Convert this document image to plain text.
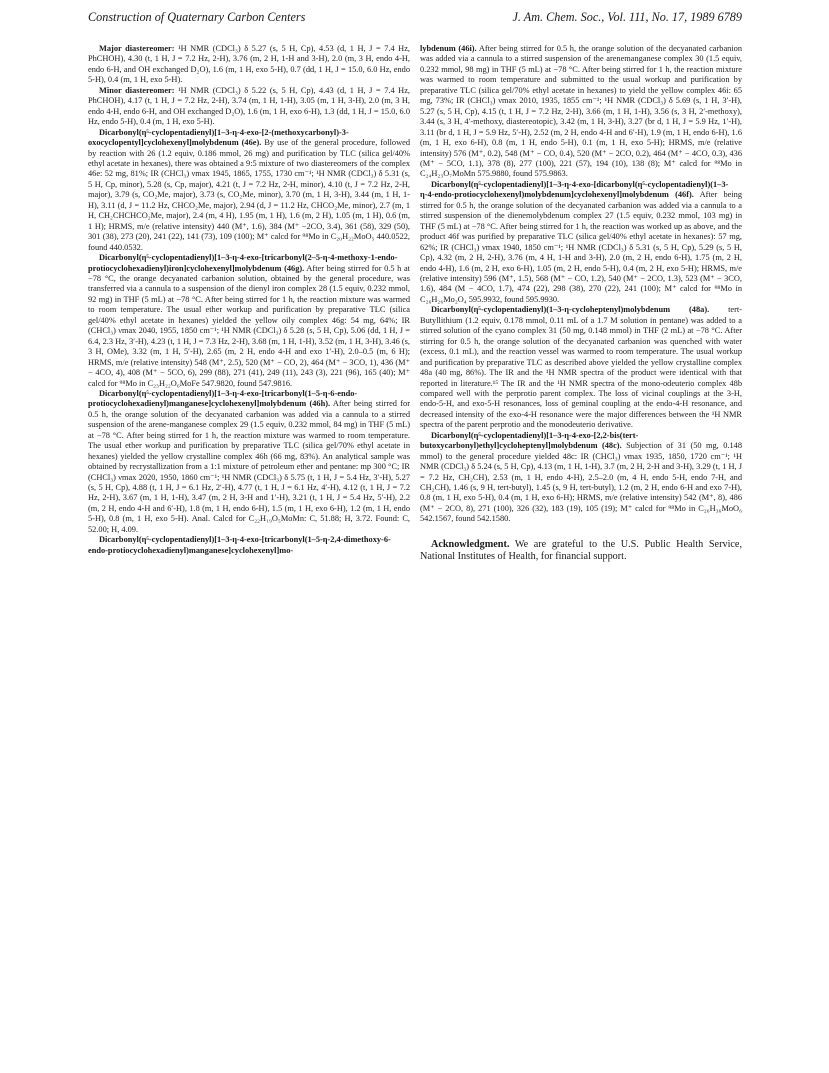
Construction of Quaternary Carbon Centers	J. Am. Chem. Soc., Vol. 111, No. 17, 1989 6789

Major diastereomer: ¹H NMR (CDCl₃) δ 5.27 (s, 5 H, Cp), 4.53 (d, 1 H, J = 7.4 Hz, PhCHOH), 4.30 (t, 1 H, J = 7.2 Hz, 2-H), 3.76 (m, 2 H, 1-H and 3-H), 2.0 (m, 3 H, endo 4-H, endo 6-H, and OH exchanged D₂O), 1.6 (m, 1 H, exo 5-H), 0.7 (dd, 1 H, J = 15.0, 6.0 Hz, endo 5-H), 0.4 (m, 1 H, exo 5-H).

Minor diastereomer: ¹H NMR (CDCl₃) δ 5.22 (s, 5 H, Cp), 4.43 (d, 1 H, J = 7.4 Hz, PhCHOH), 4.17 (t, 1 H, J = 7.2 Hz, 2-H), 3.74 (m, 1 H, 1-H), 3.05 (m, 1 H, 3-H), 2.0 (m, 3 H, endo 4-H, endo 6-H, and OH exchanged D₂O), 1.6 (m, 1 H, exo 6-H), 1.3 (dd, 1 H, J = 15.0, 6.0 Hz, endo 5-H), 0.4 (m, 1 H, exo 5-H).

Dicarbonyl(η⁵-cyclopentadienyl)[1–3-η-4-exo-[2-(methoxycarbonyl)-3-oxocyclopentyl]cyclohexenyl]molybdenum (46e). By use of the general procedure, followed by reaction with 26 (1.2 equiv, 0.186 mmol, 26 mg) and purification by TLC (silica gel/40% ethyl acetate in hexanes), there was obtained a 9:5 mixture of two diastereomers of the complex 46e: 52 mg, 81%; IR (CHCl₃) νmax 1945, 1865, 1755, 1730 cm⁻¹; ¹H NMR (CDCl₃) δ 5.31 (s, 5 H, Cp, minor), 5.28 (s, Cp, major), 4.21 (t, J = 7.2 Hz, 2-H, minor), 4.10 (t, J = 7.2 Hz, 2-H, major), 3.79 (s, CO₂Me, major), 3.73 (s, CO₂Me, minor), 3.70 (m, 1 H, 3-H), 3.44 (m, 1 H, 1-H), 3.11 (d, J = 11.2 Hz, CHCO₂Me, major), 2.94 (d, J = 11.2 Hz, CHCO₂Me, minor), 2.7 (m, 1 H, CH₂CHCHCO₂Me, major), 2.4 (m, 4 H), 1.95 (m, 1 H), 1.6 (m, 2 H), 1.05 (m, 1 H), 0.6 (m, 1 H); HRMS, m/e (relative intensity) 440 (M⁺, 1.6), 384 (M⁺ −2CO, 3.4), 361 (58), 329 (50), 301 (38), 273 (20), 241 (22), 141 (73), 109 (100); M⁺ calcd for ⁹⁸Mo in C₂₀H₂₂MoO₅ 440.0522, found 440.0532.

Dicarbonyl(η⁵-cyclopentadienyl)[1–3-η-4-exo-[tricarbonyl(2–5-η-4-methoxy-1-endo-protiocyclohexadienyl)iron]cyclohexenyl]molybdenum (46g). After being stirred for 0.5 h at −78 °C, the orange decyanated carbanion solution, obtained by the general procedure, was transferred via a cannula to a suspension of the dienyl iron complex 28 (1.5 equiv, 0.232 mmol, 92 mg) in THF (5 mL) at −78 °C. After being stirred for 1 h, the reaction mixture was warmed to room temperature. The usual ether workup and purification by preparative TLC (silica gel/40% ethyl acetate in hexanes) yielded the yellow oily complex 46g: 54 mg, 64%; IR (CHCl₃) νmax 2040, 1955, 1850 cm⁻¹; ¹H NMR (CDCl₃) δ 5.28 (s, 5 H, Cp), 5.06 (dd, 1 H, J = 6.4, 2.3 Hz, 3′-H), 4.23 (t, 1 H, J = 7.3 Hz, 2-H), 3.68 (m, 1 H, 1-H), 3.52 (m, 1 H, 3-H), 3.46 (s, 3 H, OMe), 3.32 (m, 1 H, 5′-H), 2.65 (m, 2 H, endo 4-H and exo 1′-H), 2.0–0.5 (m, 6 H); HRMS, m/e (relative intensity) 548 (M⁺, 2.5), 520 (M⁺ − CO, 2), 464 (M⁺ − 3CO, 1), 436 (M⁺ − 4CO, 4), 408 (M⁺ − 5CO, 6), 299 (88), 271 (41), 249 (11), 243 (3), 221 (96), 165 (40); M⁺ calcd for ⁹⁸Mo in C₂₃H₂₂O₆MoFe 547.9820, found 547.9816.

Dicarbonyl(η⁵-cyclopentadienyl)[1–3-η-4-exo-[tricarbonyl(1–5-η-6-endo-protiocyclohexadienyl)manganese]cyclohexenyl]molybdenum (46h). After being stirred for 0.5 h, the orange solution of the decyanated carbanion was added via a cannula to a stirred suspension of the arene-manganese complex 29 (1.5 equiv, 0.232 mmol, 84 mg) in THF (5 mL) at −78 °C. After being stirred for 1 h, the reaction mixture was warmed to room temperature. The usual ether workup and purification by preparative TLC (silica gel/70% ethyl acetate in hexanes) yielded the yellow crystalline complex 46h (66 mg, 83%). An analytical sample was obtained by recrystallization from a 1:1 mixture of petroleum ether and pentane: mp 300 °C; IR (CHCl₃) νmax 2020, 1950, 1860 cm⁻¹; ¹H NMR (CDCl₃) δ 5.75 (t, 1 H, J = 5.4 Hz, 3′-H), 5.27 (s, 5 H, Cp), 4.88 (t, 1 H, J = 6.1 Hz, 2′-H), 4.77 (t, 1 H, J = 6.1 Hz, 4′-H), 4.12 (t, 1 H, J = 7.2 Hz, 2-H), 3.67 (m, 1 H, 1-H), 3.47 (m, 2 H, 3-H and 1′-H), 3.21 (t, 1 H, J = 5.4 Hz, 5′-H), 2.2 (m, 2 H, endo 4-H and 6′-H), 1.8 (m, 1 H, endo 6-H), 1.5 (m, 1 H, exo 6-H), 1.2 (m, 1 H, endo 5-H), 0.8 (m, 1 H, exo 5-H). Anal. Calcd for C₂₂H₁₉O₅MoMn: C, 51.88; H, 3.72. Found: C, 52.00; H, 4.09.

Dicarbonyl(η⁵-cyclopentadienyl)[1–3-η-4-exo-[tricarbonyl(1–5-η-2,4-dimethoxy-6-endo-protiocyclohexadienyl)manganese]cyclohexenyl]mo-

lybdenum (46i). After being stirred for 0.5 h, the orange solution of the decyanated carbanion was added via a cannula to a stirred suspension of the arenemanganese complex 30 (1.5 equiv, 0.232 mmol, 98 mg) in THF (5 mL) at −78 °C. After being stirred for 1 h, the reaction mixture was warmed to room temperature and submitted to the usual workup and purification by preparative TLC (silica gel/70% ethyl acetate in hexanes) to yield the yellow complex 46i: 65 mg, 73%; IR (CHCl₃) νmax 2010, 1935, 1855 cm⁻¹; ¹H NMR (CDCl₃) δ 5.69 (s, 1 H, 3′-H), 5.27 (s, 5 H, Cp), 4.15 (t, 1 H, J = 7.2 Hz, 2-H), 3.66 (m, 1 H, 1-H), 3.56 (s, 3 H, 2′-methoxy), 3.44 (s, 3 H, 4′-methoxy, diastereotopic), 3.42 (m, 1 H, 3-H), 3.27 (br d, 1 H, J = 5.9 Hz, 1′-H), 3.11 (br d, 1 H, J = 5.9 Hz, 5′-H), 2.52 (m, 2 H, endo 4-H and 6′-H), 1.9 (m, 1 H, endo 6-H), 1.6 (m, 1 H, exo 6-H), 0.8 (m, 1 H, endo 5-H), 0.1 (m, 1 H, exo 5-H); HRMS, m/e (relative intensity) 576 (M⁺, 0.2), 548 (M⁺ − CO, 0.4), 520 (M⁺ − 2CO, 0.2), 464 (M⁺ − 4CO, 0.3), 436 (M⁺ − 5CO, 1.1), 378 (8), 277 (100), 221 (57), 194 (10), 138 (8); M⁺ calcd for ⁹⁸Mo in C₂₄H₂₃O₇MoMn 575.9880, found 575.9863.

Dicarbonyl(η⁵-cyclopentadienyl)[1–3-η-4-exo-[dicarbonyl(η⁵-cyclopentadienyl)(1–3-η-4-endo-protiocyclohexenyl)molybdenum]cyclohexenyl]molybdenum (46f). After being stirred for 0.5 h, the orange solution of the decyanated carbanion was added via a cannula to a stirred suspension of the dienemolybdenum complex 27 (1.5 equiv, 0.232 mmol, 103 mg) in THF (5 mL) at −78 °C. After being stirred for 1 h, the reaction was worked up as above, and the product 46f was purified by preparative TLC (silica gel/40% ethyl acetate in hexanes): 57 mg, 62%; IR (CHCl₃) νmax 1940, 1850 cm⁻¹; ¹H NMR (CDCl₃) δ 5.31 (s, 5 H, Cp), 5.29 (s, 5 H, Cp), 4.32 (m, 2 H, 2-H), 3.76 (m, 4 H, 1-H and 3-H), 2.0 (m, 2 H, endo 6-H), 1.75 (m, 2 H, endo 4-H), 1.6 (m, 2 H, exo 6-H), 1.05 (m, 2 H, endo 5-H), 0.4 (m, 2 H, exo 5-H); HRMS, m/e (relative intensity) 596 (M⁺, 1.5), 568 (M⁺ − CO, 1.2), 540 (M⁺ − 2CO, 1.3), 523 (M⁺ − 3CO, 1.6), 484 (M − 4CO, 1.7), 474 (22), 298 (38), 270 (22), 241 (100); M⁺ calcd for ⁹⁸Mo in C₂₆H₂₆Mo₂O₄ 595.9932, found 595.9930.

Dicarbonyl(η⁵-cyclopentadienyl)(1–3-η-cycloheptenyl)molybdenum (48a). tert-Butyllithium (1.2 equiv, 0.178 mmol, 0.11 mL of a 1.7 M solution in pentane) was added to a stirred solution of the cyano complex 31 (50 mg, 0.148 mmol) in THF (2 mL) at −78 °C. After stirring for 0.5 h, the orange solution of the decyanated carbanion was quenched with water (excess, 0.1 mL), and the reaction vessel was warmed to room temperature. The usual workup and purification by preparative TLC as described above yielded the yellow crystalline complex 48a (40 mg, 86%). The IR and the ¹H NMR spectra of the product were identical with that reported in literature.¹⁵ The IR and the ¹H NMR spectra of the mono-odeuterio complex 48b compared well with the perprotio parent complex. The loss of vicinal couplings at the 3-H, endo-5-H, and exo-5-H resonances, loss of geminal coupling at the endo-4-H resonance, and decreased intensity of the exo-4-H resonance were the major differences between the ¹H NMR spectra of the parent perprotio and the monodeuterio derivative.

Dicarbonyl(η⁵-cyclopentadienyl)[1–3-η-4-exo-[2,2-bis(tert-butoxycarbonyl)ethyl]cycloheptenyl]molybdenum (48c). Subjection of 31 (50 mg, 0.148 mmol) to the general procedure yielded 48c: IR (CHCl₃) νmax 1935, 1850, 1720 cm⁻¹; ¹H NMR (CDCl₃) δ 5.24 (s, 5 H, Cp), 4.13 (m, 1 H, 1-H), 3.7 (m, 2 H, 2-H and 3-H), 3.29 (t, 1 H, J = 7.2 Hz, CH₂CH), 2.53 (m, 1 H, endo 4-H), 2.5–2.0 (m, 4 H, endo 5-H, endo 7-H, and CH₂CH), 1.46 (s, 9 H, tert-butyl), 1.45 (s, 9 H, tert-butyl), 1.2 (m, 2 H, endo 6-H and exo 7-H), 0.8 (m, 1 H, exo 5-H), 0.4 (m, 1 H, exo 6-H); HRMS, m/e (relative intensity) 542 (M⁺, 8), 486 (M⁺ − 2CO, 8), 271 (100), 326 (32), 183 (19), 105 (19); M⁺ calcd for ⁹⁸Mo in C₂₆H₃₆MoO₆ 542.1567, found 542.1580.

Acknowledgment. We are grateful to the U.S. Public Health Service, National Institutes of Health, for financial support.
